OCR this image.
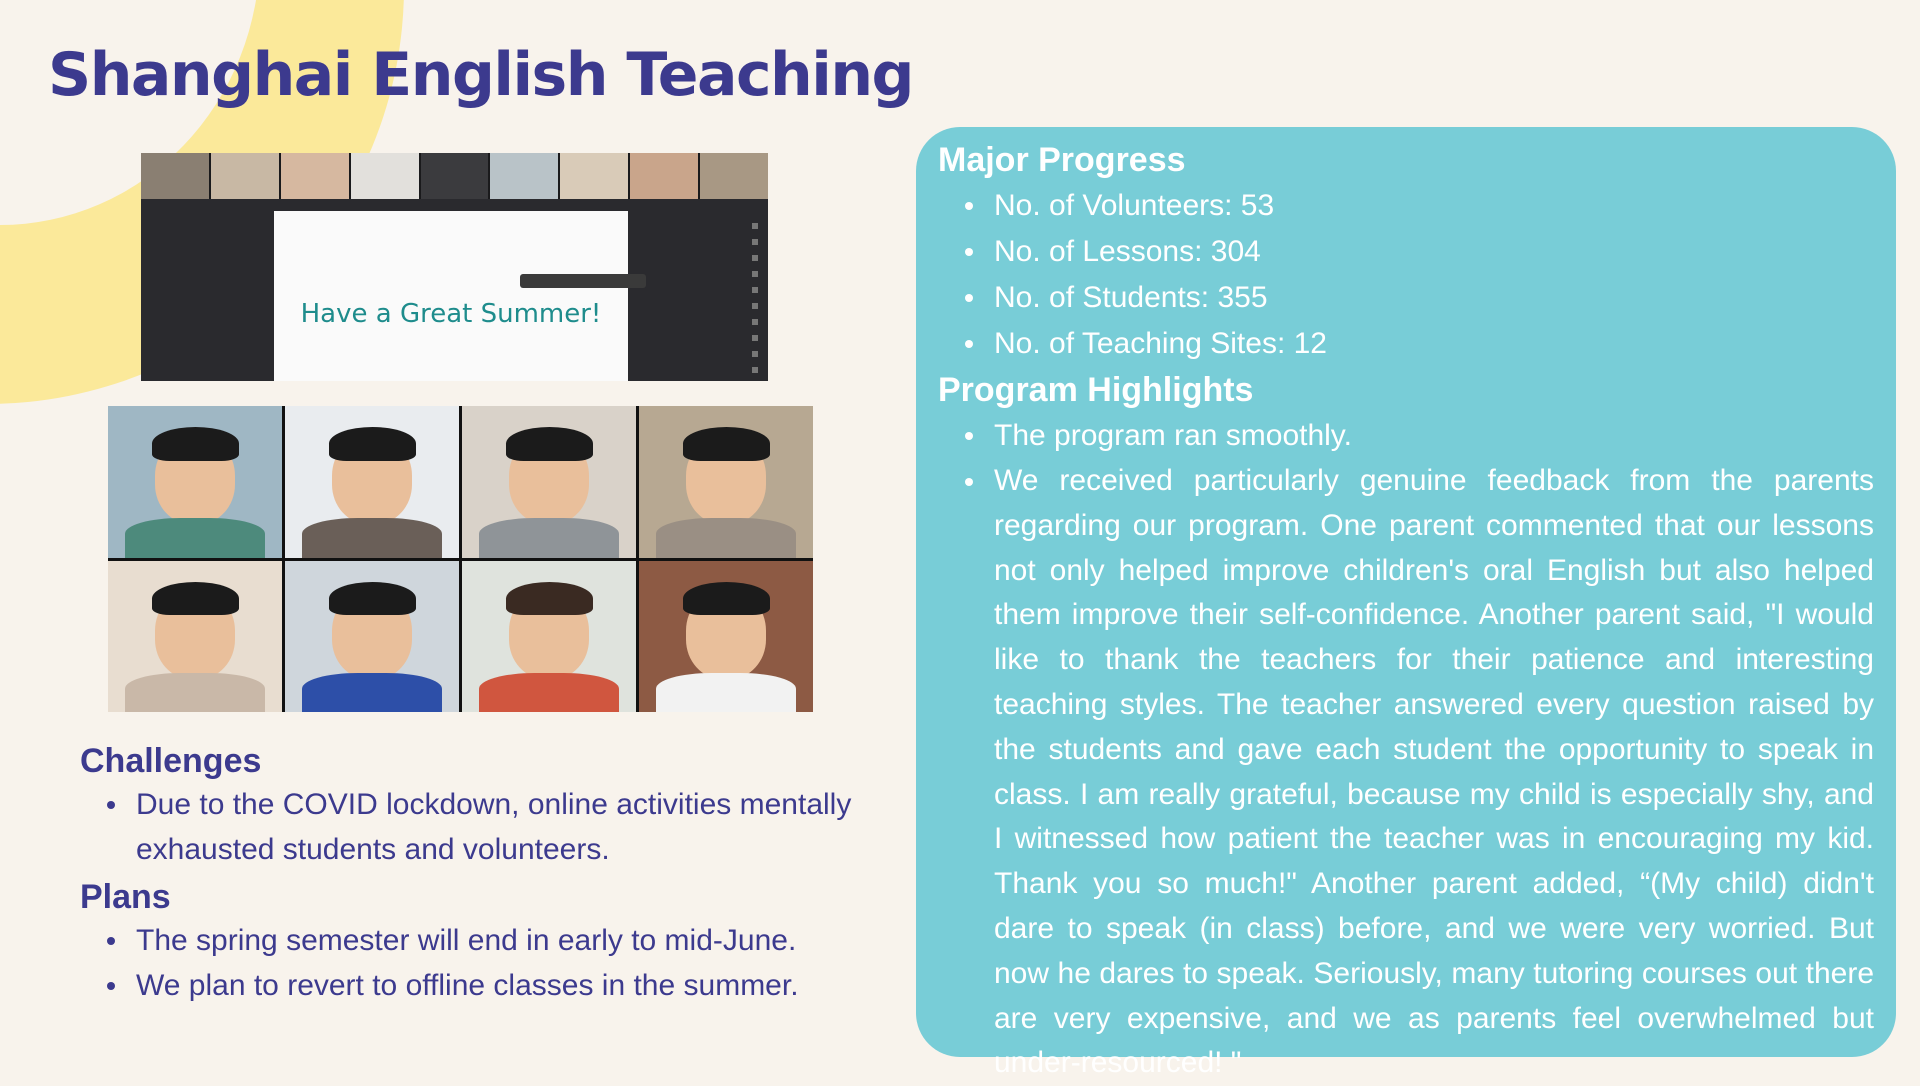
Shanghai English Teaching
Have a Great Summer!
Challenges
Due to the COVID lockdown, online activities mentally exhausted students and volunteers.
Plans
The spring semester will end in early to mid-June.
We plan to revert to offline classes in the summer.
Major Progress
No. of Volunteers: 53
No. of Lessons: 304
No. of Students: 355
No. of Teaching Sites: 12
Program Highlights
The program ran smoothly.
We received particularly genuine feedback from the parents regarding our program. One parent commented that our lessons not only helped improve children's oral English but also helped them improve their self-confidence. Another parent said, "I would like to thank the teachers for their patience and interesting teaching styles. The teacher answered every question raised by the students and gave each student the opportunity to speak in class. I am really grateful, because my child is especially shy, and I witnessed how patient the teacher was in encouraging my kid. Thank you so much!" Another parent added, “(My child) didn't dare to speak (in class) before, and we were very worried. But now he dares to speak. Seriously, many tutoring courses out there are very expensive, and we as parents feel overwhelmed but under-resourced! "
